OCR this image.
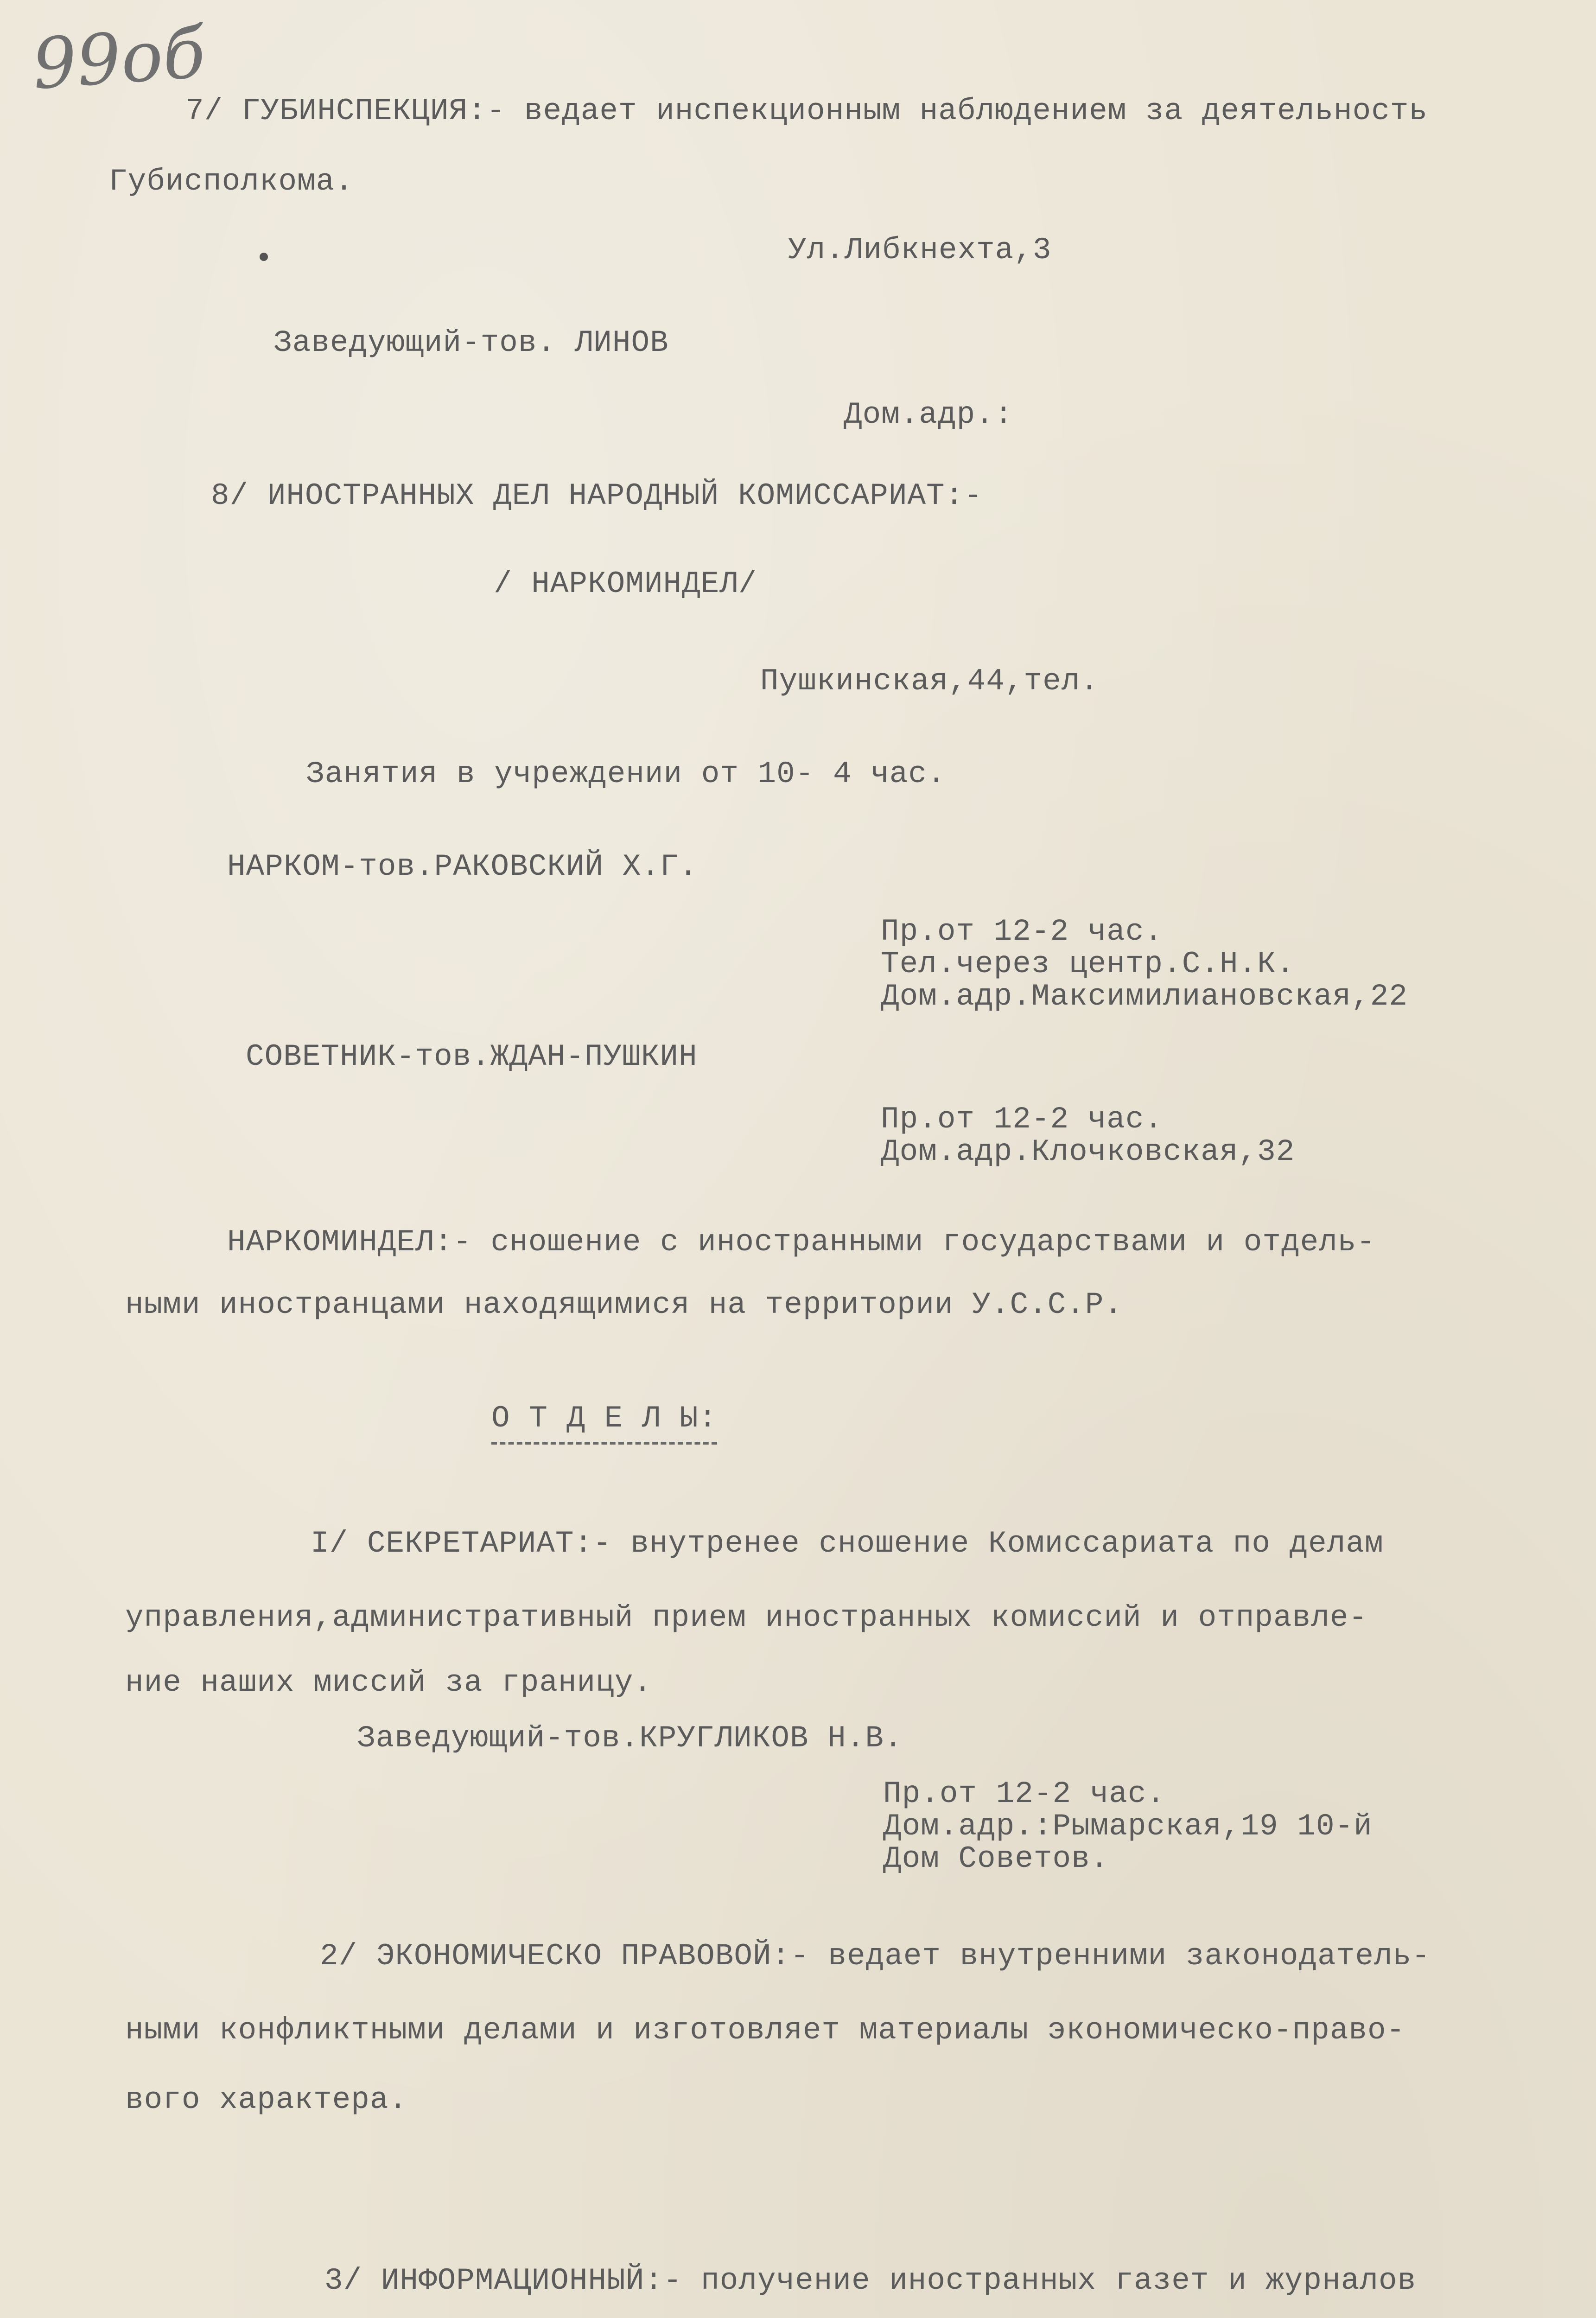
99об
7/ ГУБИНСПЕКЦИЯ:- ведает инспекционным наблюдением за деятельность
Губисполкома.
Ул.Либкнехта,3
Заведующий-тов. ЛИНОВ
Дом.адр.:
8/ ИНОСТРАННЫХ ДЕЛ НАРОДНЫЙ КОМИССАРИАТ:-
/ НАРКОМИНДЕЛ/
Пушкинская,44,тел.
Занятия в учреждении от 10- 4 час.
НАРКОМ-тов.РАКОВСКИЙ Х.Г.
Пр.от 12-2 час.
Тел.через центр.С.Н.К.
Дом.адр.Максимилиановская,22
СОВЕТНИК-тов.ЖДАН-ПУШКИН
Пр.от 12-2 час.
Дом.адр.Клочковская,32
НАРКОМИНДЕЛ:- сношение с иностранными государствами и отдель-
ными иностранцами находящимися на территории У.С.С.Р.
О Т Д Е Л Ы:
I/ СЕКРЕТАРИАТ:- внутренее сношение Комиссариата по делам
управления,административный прием иностранных комиссий и отправле-
ние наших миссий за границу.
Заведующий-тов.КРУГЛИКОВ Н.В.
Пр.от 12-2 час.
Дом.адр.:Рымарская,19 10-й
Дом Советов.
2/ ЭКОНОМИЧЕСКО ПРАВОВОЙ:- ведает внутренними законодатель-
ными конфликтными делами и изготовляет материалы экономическо-право-
вого характера.
3/ ИНФОРМАЦИОННЫЙ:- получение иностранных газет и журналов
